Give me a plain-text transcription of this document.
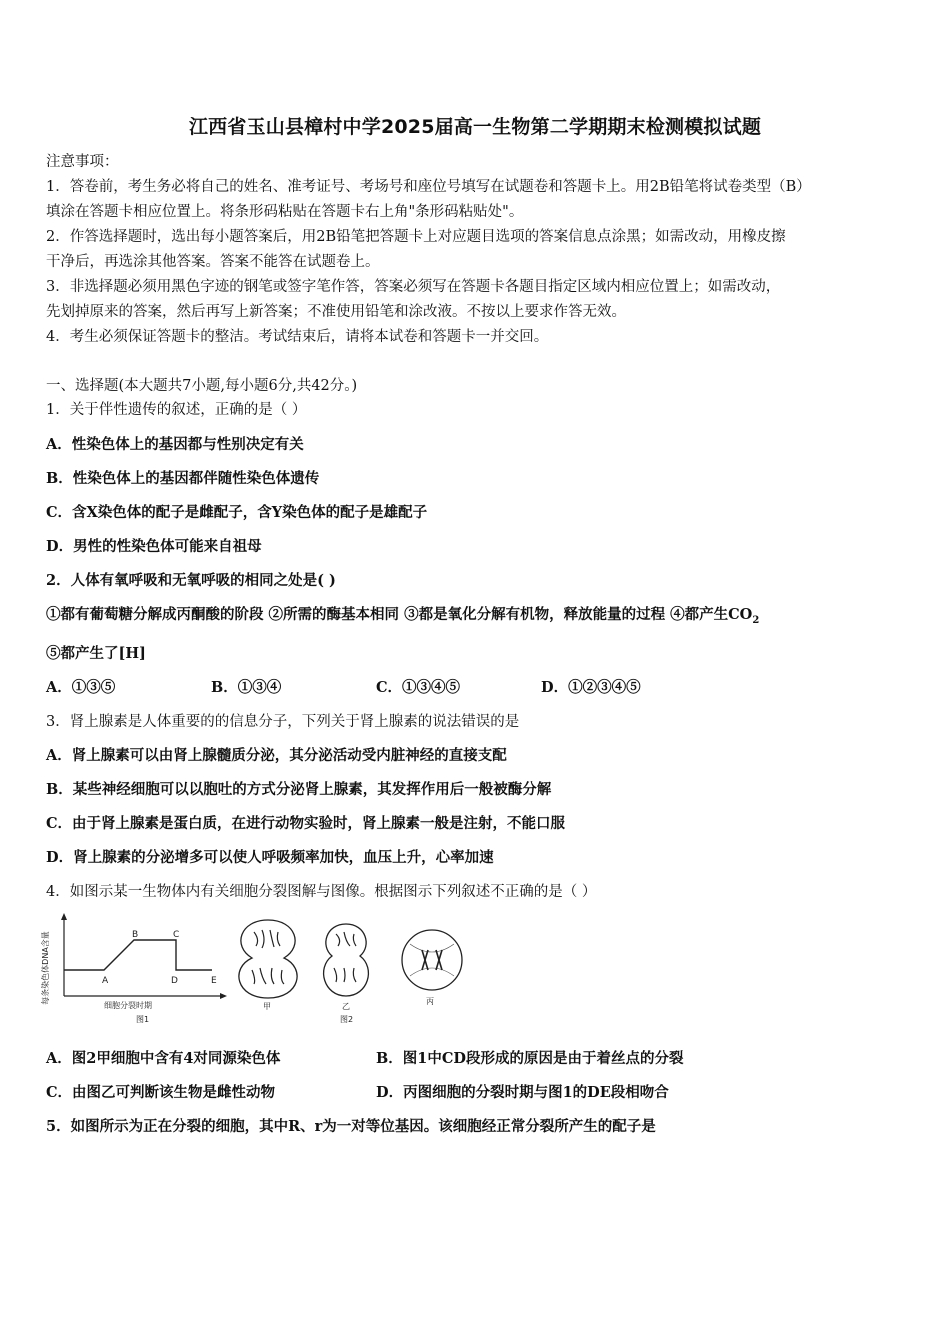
江西省玉山县樟村中学2025届高一生物第二学期期末检测模拟试题
注意事项：
1．答卷前，考生务必将自己的姓名、准考证号、考场号和座位号填写在试题卷和答题卡上。用2B铅笔将试卷类型（B）
填涂在答题卡相应位置上。将条形码粘贴在答题卡右上角"条形码粘贴处"。
2．作答选择题时，选出每小题答案后，用2B铅笔把答题卡上对应题目选项的答案信息点涂黑；如需改动，用橡皮擦
干净后，再选涂其他答案。答案不能答在试题卷上。
3．非选择题必须用黑色字迹的钢笔或签字笔作答，答案必须写在答题卡各题目指定区域内相应位置上；如需改动，
先划掉原来的答案，然后再写上新答案；不准使用铅笔和涂改液。不按以上要求作答无效。
4．考生必须保证答题卡的整洁。考试结束后，请将本试卷和答题卡一并交回。
一、选择题(本大题共7小题,每小题6分,共42分。)
1．关于伴性遗传的叙述，正确的是（ ）
A．性染色体上的基因都与性别决定有关
B．性染色体上的基因都伴随性染色体遗传
C．含X染色体的配子是雌配子，含Y染色体的配子是雄配子
D．男性的性染色体可能来自祖母
2．人体有氧呼吸和无氧呼吸的相同之处是( )
①都有葡萄糖分解成丙酮酸的阶段 ②所需的酶基本相同 ③都是氧化分解有机物，释放能量的过程 ④都产生$CO_2$
⑤都产生了[H]
A．①③⑤	B．①③④	C．①③④⑤	D．①②③④⑤
3．肾上腺素是人体重要的的信息分子，下列关于肾上腺素的说法错误的是
A．肾上腺素可以由肾上腺髓质分泌，其分泌活动受内脏神经的直接支配
B．某些神经细胞可以以胞吐的方式分泌肾上腺素，其发挥作用后一般被酶分解
C．由于肾上腺素是蛋白质，在进行动物实验时，肾上腺素一般是注射，不能口服
D．肾上腺素的分泌增多可以使人呼吸频率加快，血压上升，心率加速
4．如图示某一生物体内有关细胞分裂图解与图像。根据图示下列叙述不正确的是（ ）
每条染色体DNA含量	A
B	C
D	E
细胞分裂时期
图1
甲	乙
丙
图2
A．图2甲细胞中含有4对同源染色体	B．图1中CD段形成的原因是由于着丝点的分裂
C．由图乙可判断该生物是雌性动物	D．丙图细胞的分裂时期与图1的DE段相吻合
5．如图所示为正在分裂的细胞，其中R、r为一对等位基因。该细胞经正常分裂所产生的配子是
